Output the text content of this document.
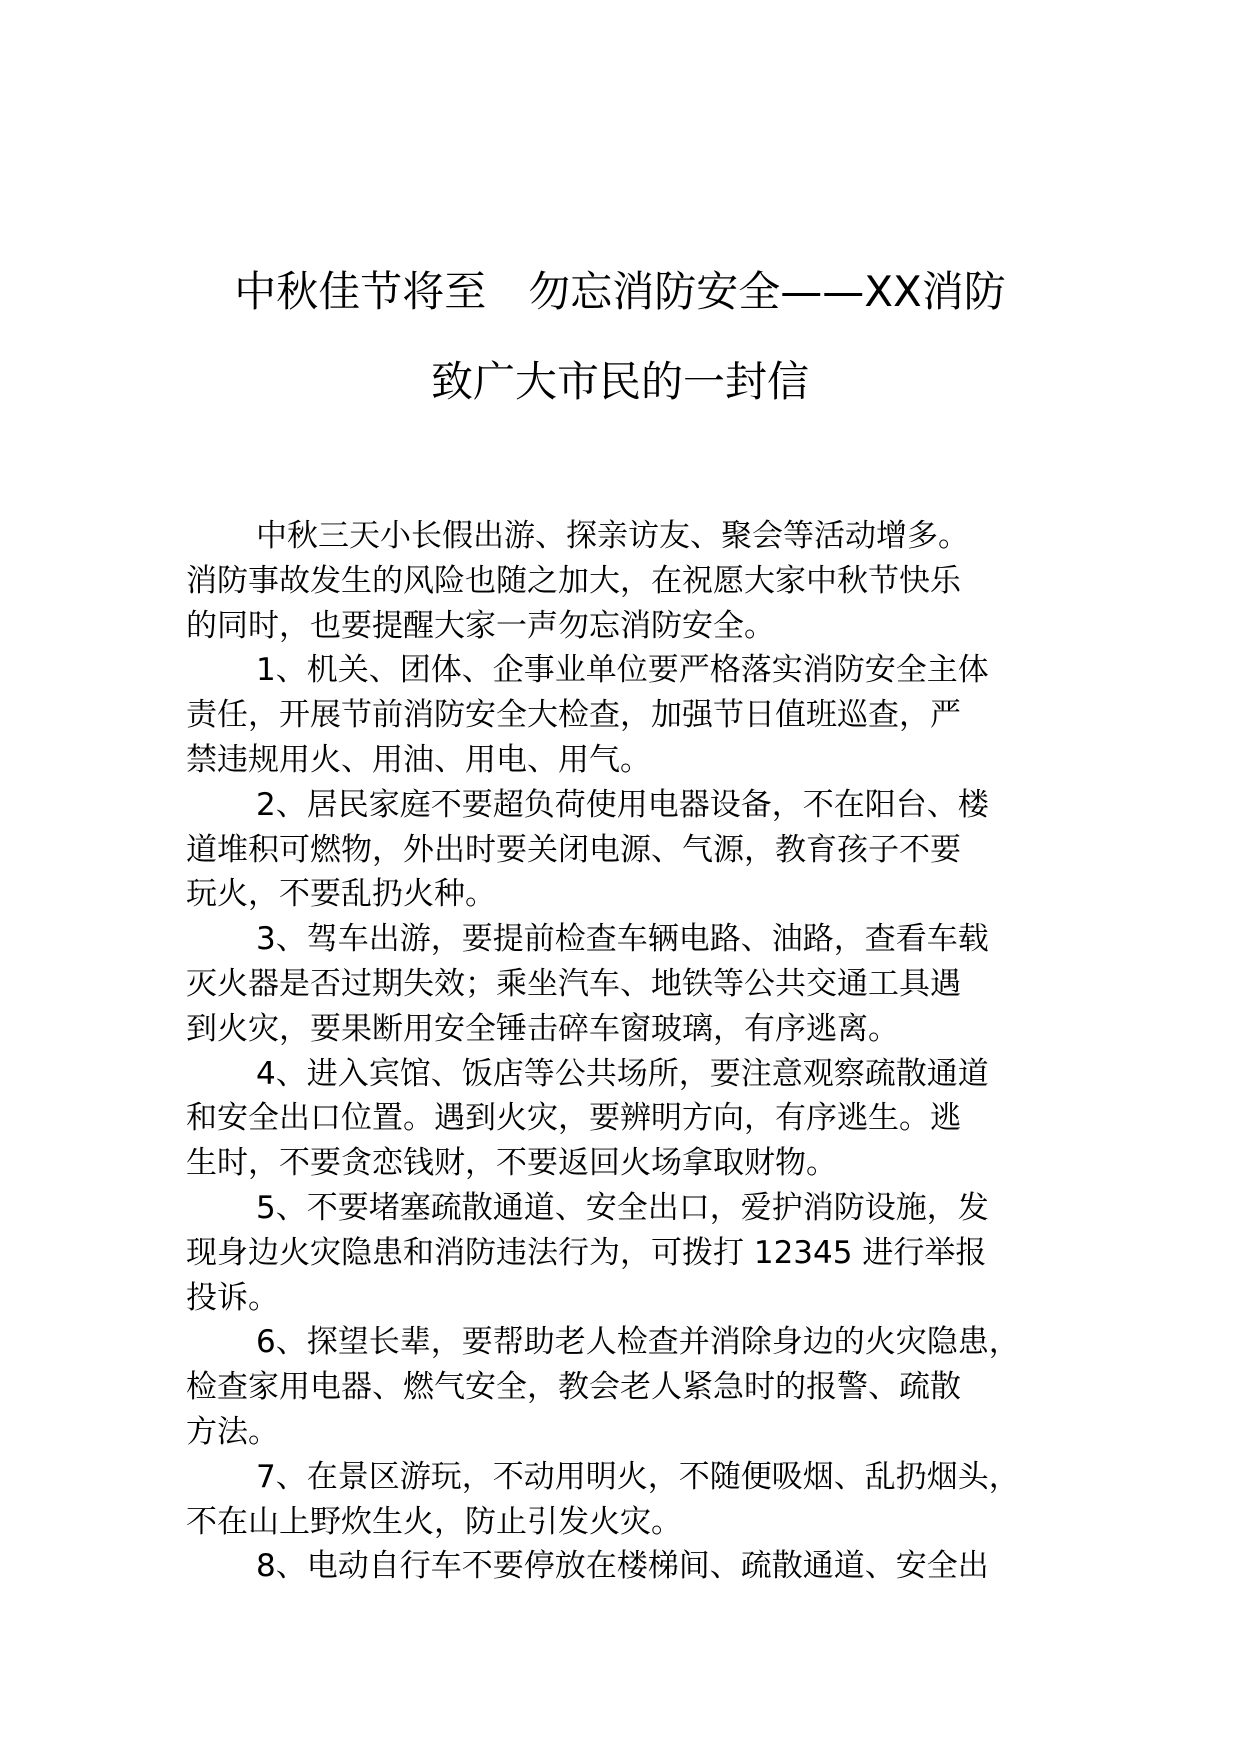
中秋佳节将至　勿忘消防安全——XX消防
致广大市民的一封信
中秋三天小长假出游、探亲访友、聚会等活动增多。
消防事故发生的风险也随之加大，在祝愿大家中秋节快乐
的同时，也要提醒大家一声勿忘消防安全。
1、机关、团体、企事业单位要严格落实消防安全主体
责任，开展节前消防安全大检查，加强节日值班巡查，严
禁违规用火、用油、用电、用气。
2、居民家庭不要超负荷使用电器设备，不在阳台、楼
道堆积可燃物，外出时要关闭电源、气源，教育孩子不要
玩火，不要乱扔火种。
3、驾车出游，要提前检查车辆电路、油路，查看车载
灭火器是否过期失效；乘坐汽车、地铁等公共交通工具遇
到火灾，要果断用安全锤击碎车窗玻璃，有序逃离。
4、进入宾馆、饭店等公共场所，要注意观察疏散通道
和安全出口位置。遇到火灾，要辨明方向，有序逃生。逃
生时，不要贪恋钱财，不要返回火场拿取财物。
5、不要堵塞疏散通道、安全出口，爱护消防设施，发
现身边火灾隐患和消防违法行为，可拨打 12345 进行举报
投诉。
6、探望长辈，要帮助老人检查并消除身边的火灾隐患，
检查家用电器、燃气安全，教会老人紧急时的报警、疏散
方法。
7、在景区游玩，不动用明火，不随便吸烟、乱扔烟头，
不在山上野炊生火，防止引发火灾。
8、电动自行车不要停放在楼梯间、疏散通道、安全出
